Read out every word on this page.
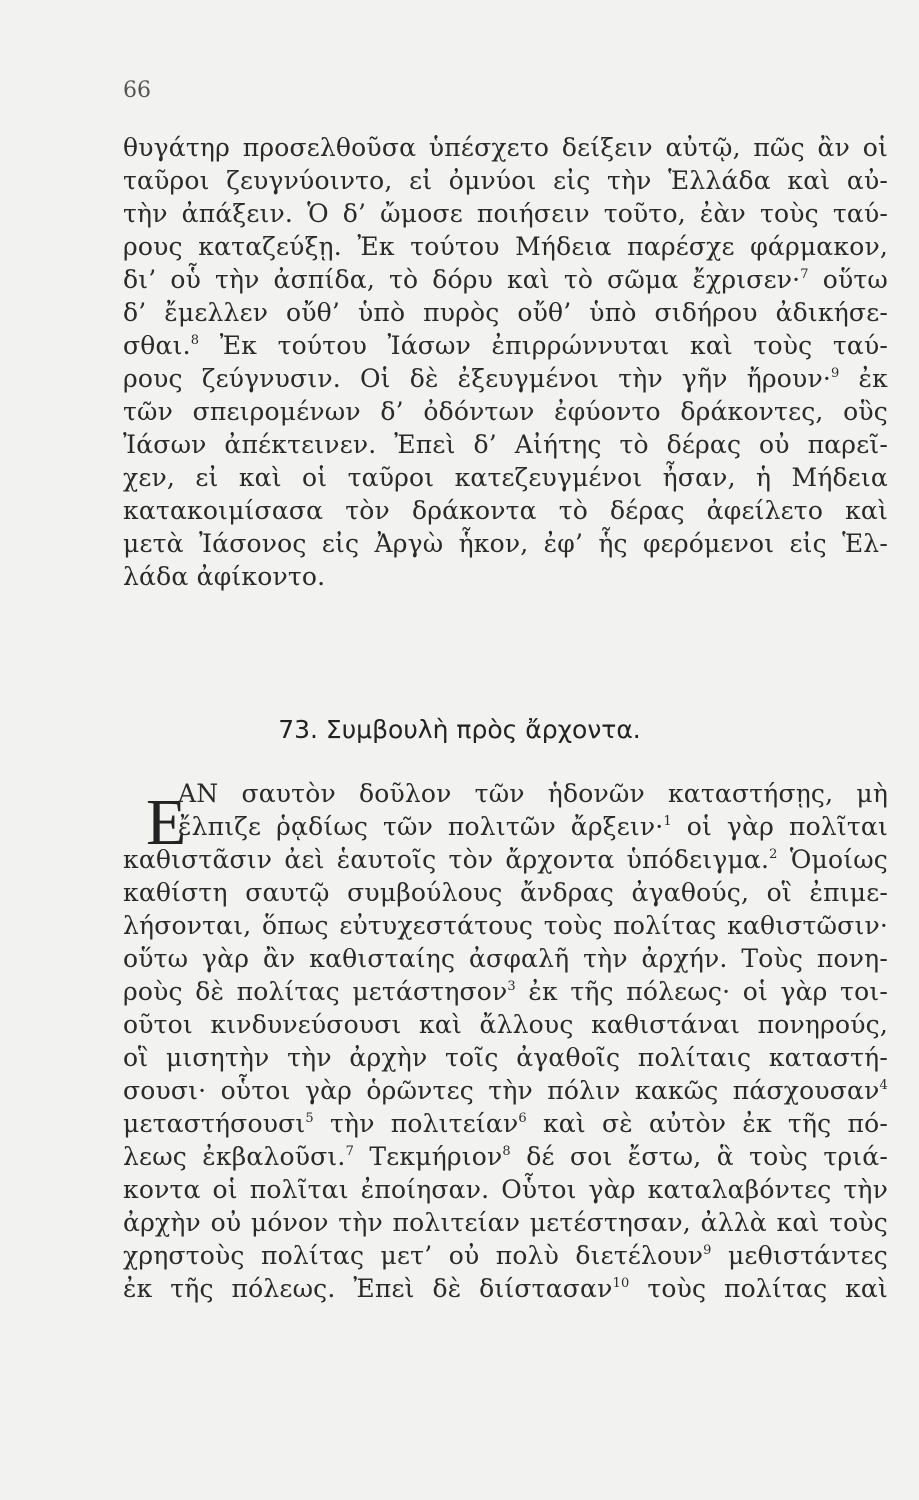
66
θυγάτηρ προσελθοῦσα ὑπέσχετο δείξειν αὐτῷ, πῶς ἂν οἱ
ταῦροι ζευγνύοιντο, εἰ ὀμνύοι εἰς τὴν Ἑλλάδα καὶ αὐ-
τὴν ἀπάξειν. Ὁ δ’ ὤμοσε ποιήσειν τοῦτο, ἐὰν τοὺς ταύ-
ρους καταζεύξῃ. Ἐκ τούτου Μήδεια παρέσχε φάρμακον,
δι’ οὗ τὴν ἀσπίδα, τὸ δόρυ καὶ τὸ σῶμα ἔχρισεν·$^7$ οὕτω
δ’ ἔμελλεν οὔθ’ ὑπὸ πυρὸς οὔθ’ ὑπὸ σιδήρου ἀδικήσε-
σθαι.$^8$ Ἐκ τούτου Ἰάσων ἐπιρρώννυται καὶ τοὺς ταύ-
ρους ζεύγνυσιν. Οἱ δὲ ἐξευγμένοι τὴν γῆν ἤρουν·$^9$ ἐκ
τῶν σπειρομένων δ’ ὀδόντων ἐφύοντο δράκοντες, οὓς
Ἰάσων ἀπέκτεινεν. Ἐπεὶ δ’ Αἰήτης τὸ δέρας οὐ παρεῖ-
χεν, εἰ καὶ οἱ ταῦροι κατεζευγμένοι ἦσαν, ἡ Μήδεια
κατακοιμίσασα τὸν δράκοντα τὸ δέρας ἀφείλετο καὶ
μετὰ Ἰάσονος εἰς Ἀργὼ ἧκον, ἐφ’ ἧς φερόμενοι εἰς Ἑλ-
λάδα ἀφίκοντο.
73. Συμβουλὴ πρὸς ἄρχοντα.
E
AN σαυτὸν δοῦλον τῶν ἡδονῶν καταστήσῃς, μὴ
ἔλπιζε ῥᾳδίως τῶν πολιτῶν ἄρξειν·$^1$ οἱ γὰρ πολῖται
καθιστᾶσιν ἀεὶ ἑαυτοῖς τὸν ἄρχοντα ὑπόδειγμα.$^2$ Ὁμοίως
καθίστη σαυτῷ συμβούλους ἄνδρας ἀγαθούς, οἳ ἐπιμε-
λήσονται, ὅπως εὐτυχεστάτους τοὺς πολίτας καθιστῶσιν·
οὕτω γὰρ ἂν καθισταίης ἀσφαλῆ τὴν ἀρχήν. Τοὺς πονη-
ροὺς δὲ πολίτας μετάστησον$^3$ ἐκ τῆς πόλεως· οἱ γὰρ τοι-
οῦτοι κινδυνεύσουσι καὶ ἄλλους καθιστάναι πονηρούς,
οἳ μισητὴν τὴν ἀρχὴν τοῖς ἀγαθοῖς πολίταις καταστή-
σουσι· οὗτοι γὰρ ὁρῶντες τὴν πόλιν κακῶς πάσχουσαν$^4$
μεταστήσουσι$^5$ τὴν πολιτείαν$^6$ καὶ σὲ αὐτὸν ἐκ τῆς πό-
λεως ἐκβαλοῦσι.$^7$ Τεκμήριον$^8$ δέ σοι ἔστω, ἃ τοὺς τριά-
κοντα οἱ πολῖται ἐποίησαν. Οὗτοι γὰρ καταλαβόντες τὴν
ἀρχὴν οὐ μόνον τὴν πολιτείαν μετέστησαν, ἀλλὰ καὶ τοὺς
χρηστοὺς πολίτας μετ’ οὐ πολὺ διετέλουν$^9$ μεθιστάντες
ἐκ τῆς πόλεως. Ἐπεὶ δὲ διίστασαν$^{10}$ τοὺς πολίτας καὶ
